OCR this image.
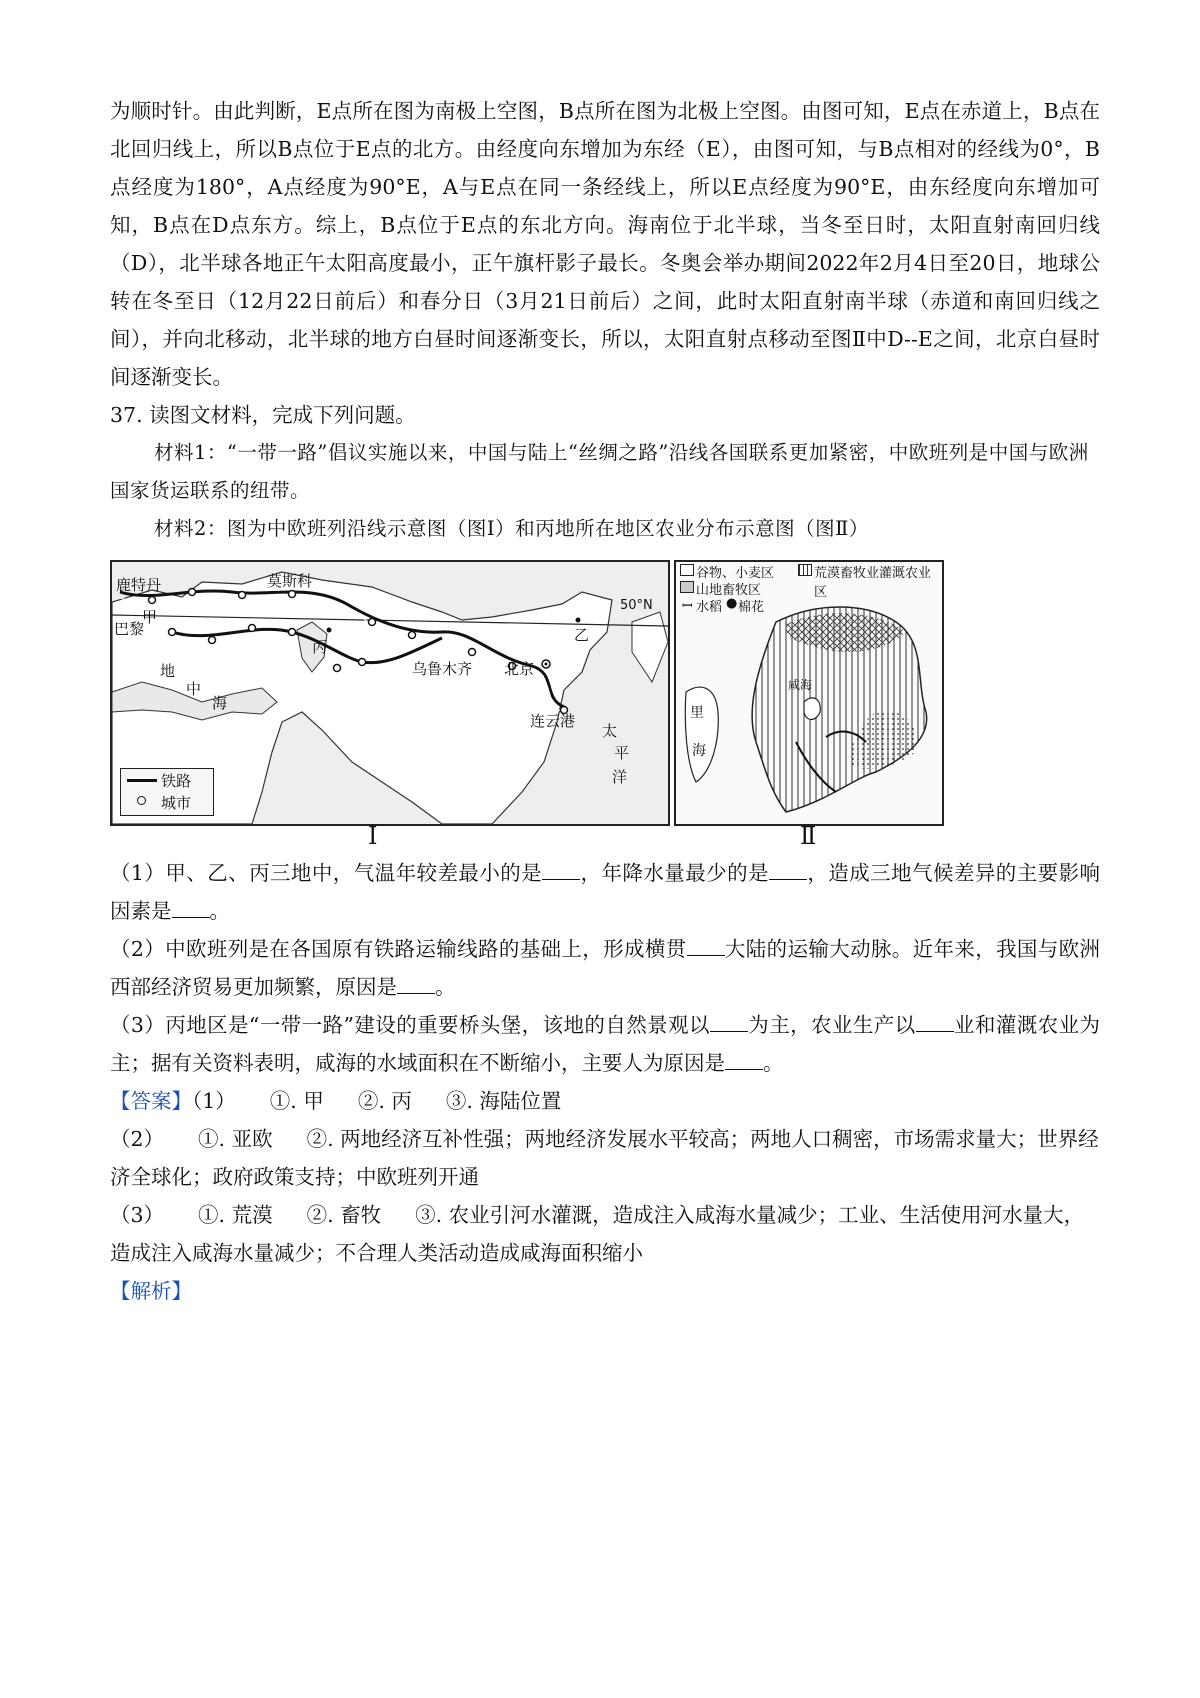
为顺时针。由此判断，E点所在图为南极上空图，B点所在图为北极上空图。由图可知，E点在赤道上，B点在北回归线上，所以B点位于E点的北方。由经度向东增加为东经（E），由图可知，与B点相对的经线为0°，B点经度为180°，A点经度为90°E，A与E点在同一条经线上，所以E点经度为90°E，由东经度向东增加可知，B点在D点东方。综上，B点位于E点的东北方向。海南位于北半球，当冬至日时，太阳直射南回归线（D），北半球各地正午太阳高度最小，正午旗杆影子最长。冬奥会举办期间2022年2月4日至20日，地球公转在冬至日（12月22日前后）和春分日（3月21日前后）之间，此时太阳直射南半球（赤道和南回归线之间），并向北移动，北半球的地方白昼时间逐渐变长，所以，太阳直射点移动至图Ⅱ中D--E之间，北京白昼时间逐渐变长。

37. 读图文材料，完成下列问题。

材料1：“一带一路”倡议实施以来，中国与陆上“丝绸之路”沿线各国联系更加紧密，中欧班列是中国与欧洲国家货运联系的纽带。

材料2：图为中欧班列沿线示意图（图Ⅰ）和丙地所在地区农业分布示意图（图Ⅱ）

鹿特丹	莫斯科
50°N
甲
巴黎
丙
乙
乌鲁木齐 北京
地
中
海
连云港
太
平
洋
铁路
城市
I
谷物、小麦区	荒漠畜牧业灌溉农业区
山地畜牧区
ꟷ 水稻 ● 棉花
里
海
咸海
Ⅱ

（1）甲、乙、丙三地中，气温年较差最小的是 ，年降水量最少的是 ，造成三地气候差异的主要影响因素是 。

（2）中欧班列是在各国原有铁路运输线路的基础上，形成横贯 大陆的运输大动脉。近年来，我国与欧洲西部经济贸易更加频繁，原因是 。

（3）丙地区是“一带一路”建设的重要桥头堡，该地的自然景观以 为主，农业生产以 业和灌溉农业为主；据有关资料表明，咸海的水域面积在不断缩小，主要人为原因是 。

【答案】（1） ①. 甲 ②. 丙 ③. 海陆位置

（2） ①. 亚欧 ②. 两地经济互补性强；两地经济发展水平较高；两地人口稠密，市场需求量大；世界经济全球化；政府政策支持；中欧班列开通

（3） ①. 荒漠 ②. 畜牧 ③. 农业引河水灌溉，造成注入咸海水量减少；工业、生活使用河水量大，造成注入咸海水量减少；不合理人类活动造成咸海面积缩小

【解析】
